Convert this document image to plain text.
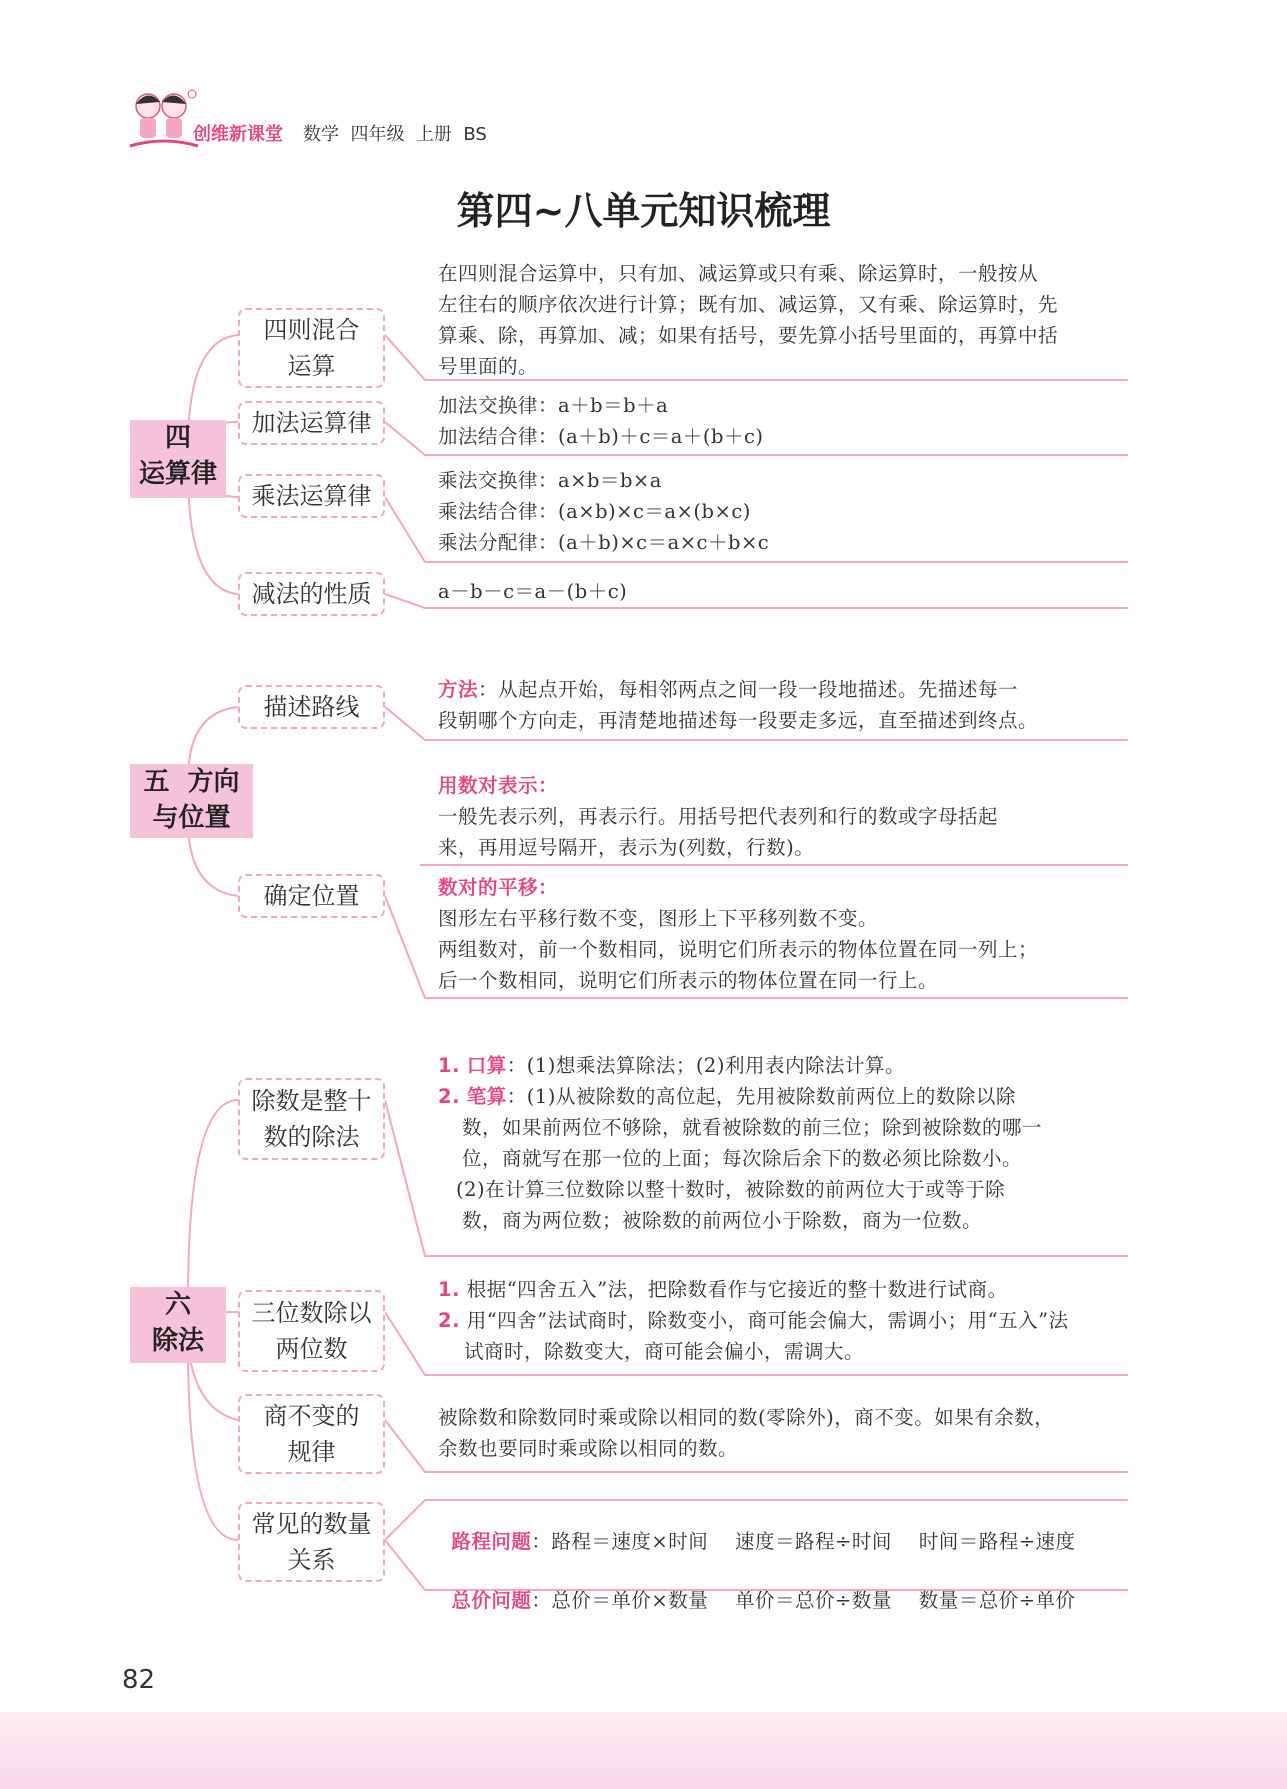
创维新课堂 数学  四年级  上册  BS
第四~八单元知识梳理
四
运算律
四则混合
运算
在四则混合运算中，只有加、减运算或只有乘、除运算时，一般按从
左往右的顺序依次进行计算；既有加、减运算，又有乘、除运算时，先
算乘、除，再算加、减；如果有括号，要先算小括号里面的，再算中括
号里面的。
加法运算律
加法交换律：a＋b＝b＋a
加法结合律：(a＋b)＋c＝a＋(b＋c)
乘法运算律
乘法交换律：a×b＝b×a
乘法结合律：(a×b)×c＝a×(b×c)
乘法分配律：(a＋b)×c＝a×c＋b×c
减法的性质	a－b－c＝a－(b＋c)
五  方向
与位置
描述路线
方法：从起点开始，每相邻两点之间一段一段地描述。先描述每一
段朝哪个方向走，再清楚地描述每一段要走多远，直至描述到终点。
确定位置
用数对表示：
一般先表示列，再表示行。用括号把代表列和行的数或字母括起
来，再用逗号隔开，表示为(列数，行数)。
数对的平移：
图形左右平移行数不变，图形上下平移列数不变。
两组数对，前一个数相同，说明它们所表示的物体位置在同一列上；
后一个数相同，说明它们所表示的物体位置在同一行上。
六
除法
除数是整十
数的除法
1. 口算：(1)想乘法算除法；(2)利用表内除法计算。
2. 笔算：(1)从被除数的高位起，先用被除数前两位上的数除以除
数，如果前两位不够除，就看被除数的前三位；除到被除数的哪一
位，商就写在那一位的上面；每次除后余下的数必须比除数小。
(2)在计算三位数除以整十数时，被除数的前两位大于或等于除
数，商为两位数；被除数的前两位小于除数，商为一位数。
三位数除以
两位数
1. 根据“四舍五入”法，把除数看作与它接近的整十数进行试商。
2. 用“四舍”法试商时，除数变小，商可能会偏大，需调小；用“五入”法
试商时，除数变大，商可能会偏小，需调大。
商不变的
规律
被除数和除数同时乘或除以相同的数(零除外)，商不变。如果有余数，
余数也要同时乘或除以相同的数。
常见的数量
关系

路程问题：路程＝速度×时间    速度＝路程÷时间    时间＝路程÷速度

总价问题：总价＝单价×数量    单价＝总价÷数量    数量＝总价÷单价

82
